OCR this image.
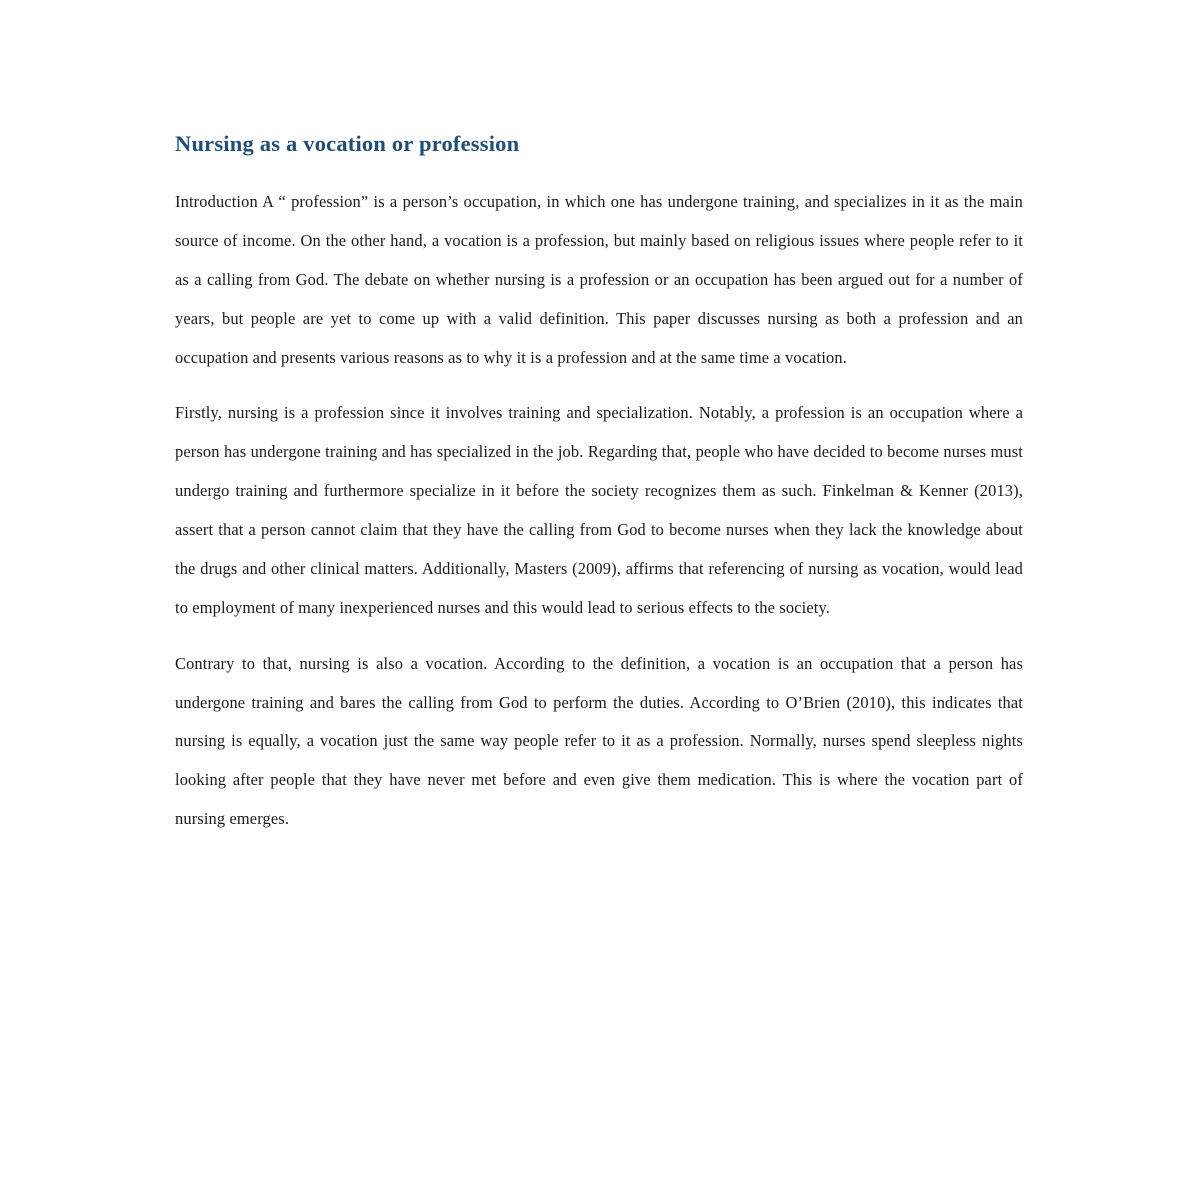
Nursing as a vocation or profession

Introduction A “ profession” is a person’s occupation, in which one has undergone training, and specializes in it as the main source of income. On the other hand, a vocation is a profession, but mainly based on religious issues where people refer to it as a calling from God. The debate on whether nursing is a profession or an occupation has been argued out for a number of years, but people are yet to come up with a valid definition. This paper discusses nursing as both a profession and an occupation and presents various reasons as to why it is a profession and at the same time a vocation.

Firstly, nursing is a profession since it involves training and specialization. Notably, a profession is an occupation where a person has undergone training and has specialized in the job. Regarding that, people who have decided to become nurses must undergo training and furthermore specialize in it before the society recognizes them as such. Finkelman & Kenner (2013), assert that a person cannot claim that they have the calling from God to become nurses when they lack the knowledge about the drugs and other clinical matters. Additionally, Masters (2009), affirms that referencing of nursing as vocation, would lead to employment of many inexperienced nurses and this would lead to serious effects to the society.

Contrary to that, nursing is also a vocation. According to the definition, a vocation is an occupation that a person has undergone training and bares the calling from God to perform the duties. According to O’Brien (2010), this indicates that nursing is equally, a vocation just the same way people refer to it as a profession. Normally, nurses spend sleepless nights looking after people that they have never met before and even give them medication. This is where the vocation part of nursing emerges.
